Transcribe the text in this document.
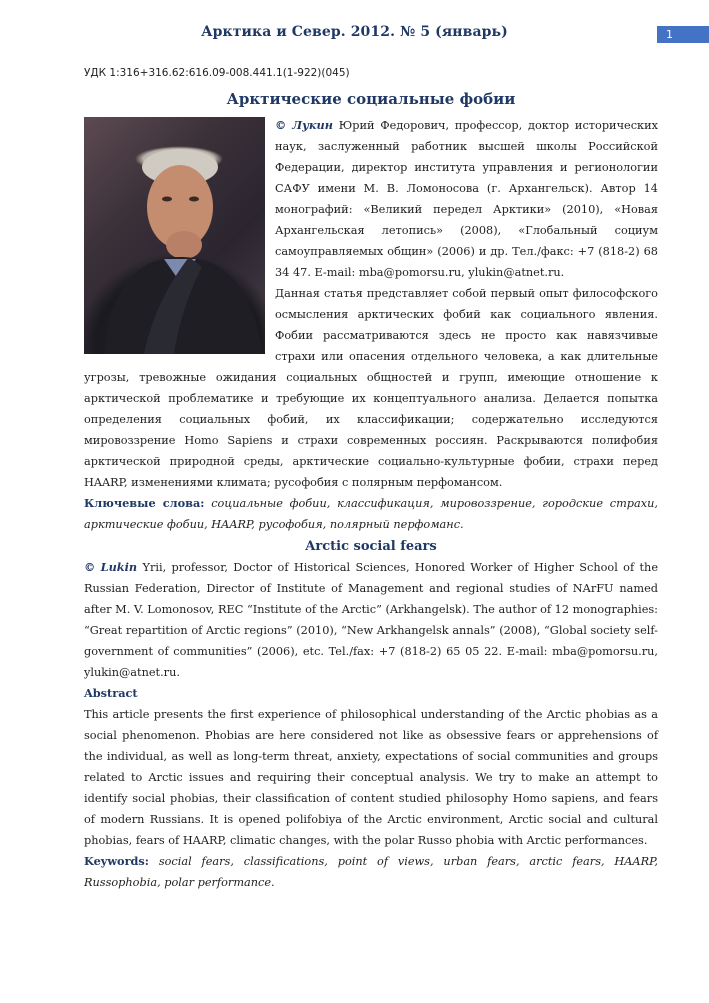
Арктика и Север. 2012. № 5 (январь)	1
УДК 1:316+316.62:616.09-008.441.1(1-922)(045)
Арктические социальные фобии

© Лукин Юрий Федорович, профессор, доктор исторических наук, заслуженный работник высшей школы Российской Федерации, директор института управления и регионологии САФУ имени М. В. Ломоносова (г. Архангельск). Автор 14 монографий: «Великий передел Арктики» (2010), «Новая Архангельская летопись» (2008), «Глобальный социум самоуправляемых общин» (2006) и др. Тел./факс: +7 (818-2) 68 34 47. E-mail: mba@pomorsu.ru, ylukin@atnet.ru.

Данная статья представляет собой первый опыт философского осмысления арктических фобий как социального явления. Фобии рассматриваются здесь не просто как навязчивые страхи или опасения отдельного человека, а как длительные угрозы, тревожные ожидания социальных общностей и групп, имеющие отношение к арктической проблематике и требующие их концептуального анализа. Делается попытка определения социальных фобий, их классификации; содержательно исследуются мировоззрение Homo Sapiens и страхи современных россиян. Раскрываются полифобия арктической природной среды, арктические социально-культурные фобии, страхи перед HAARP, изменениями климата; русофобия с полярным перфомансом.

Ключевые слова: социальные фобии, классификация, мировоззрение, городские страхи, арктические фобии, HAARP, русофобия, полярный перфоманс.

Arctic social fears

© Lukin Yrii, professor, Doctor of Historical Sciences, Honored Worker of Higher School of the Russian Federation, Director of Institute of Management and regional studies of NArFU named after M. V. Lomonosov, REC “Institute of the Arctic” (Arkhangelsk). The author of 12 monographies: “Great repartition of Arctic regions” (2010), “New Arkhangelsk annals” (2008), “Global society self-government of communities” (2006), etc. Tel./fax: +7 (818-2) 65 05 22. E-mail: mba@pomorsu.ru, ylukin@atnet.ru.

Abstract

This article presents the first experience of philosophical understanding of the Arctic phobias as a social phenomenon. Phobias are here considered not like as obsessive fears or apprehensions of the individual, as well as long-term threat, anxiety, expectations of social communities and groups related to Arctic issues and requiring their conceptual analysis. We try to make an attempt to identify social phobias, their classification of content studied philosophy Homo sapiens, and fears of modern Russians. It is opened polifobiya of the Arctic environment, Arctic social and cultural phobias, fears of HAARP, climatic changes, with the polar Russo phobia with Arctic performances.

Keywords: social fears, classifications, point of views, urban fears, arctic fears, HAARP, Russophobia, polar performance.
